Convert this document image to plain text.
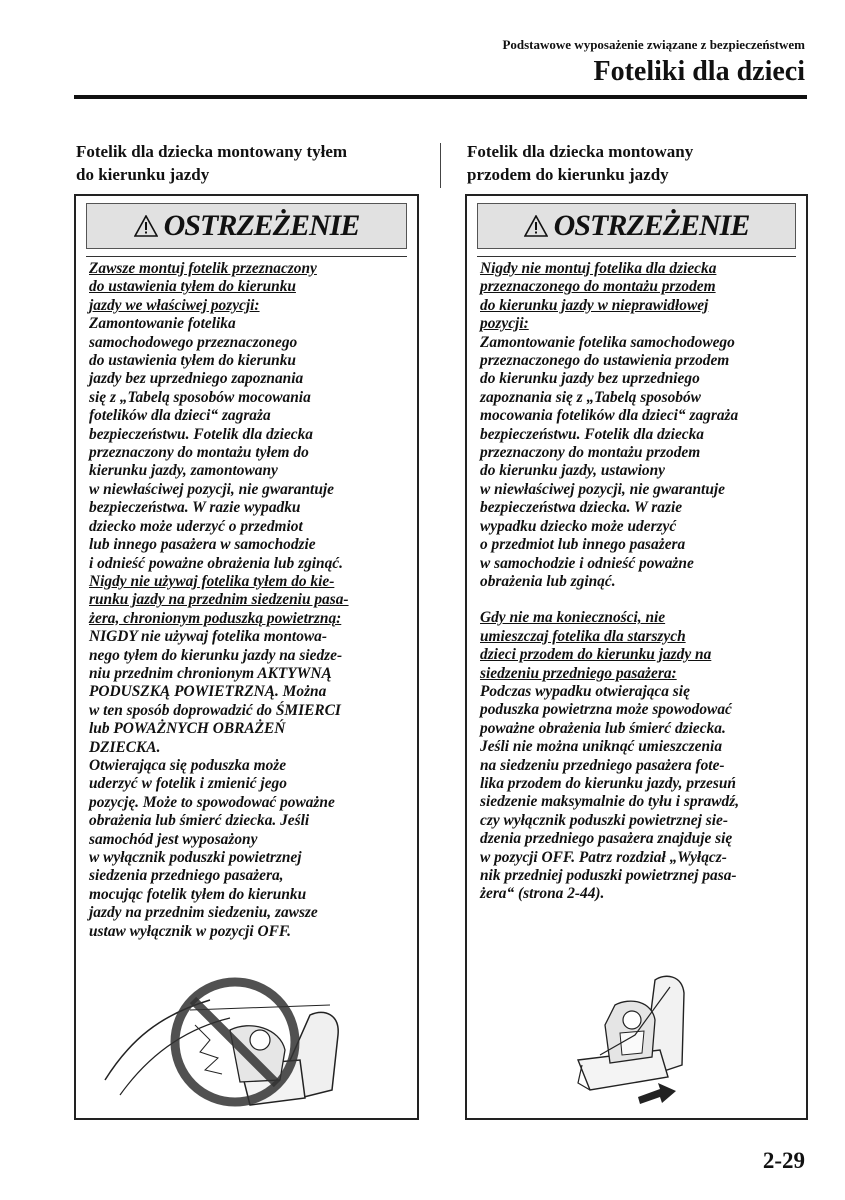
Podstawowe wyposażenie związane z bezpieczeństwem
Foteliki dla dzieci
Fotelik dla dziecka montowany tyłem
do kierunku jazdy
OSTRZEŻENIE

Zawsze montuj fotelik przeznaczony

do ustawienia tyłem do kierunku

jazdy we właściwej pozycji:

Zamontowanie fotelika

samochodowego przeznaczonego

do ustawienia tyłem do kierunku

jazdy bez uprzedniego zapoznania

się z „Tabelą sposobów mocowania

fotelików dla dzieci“ zagraża

bezpieczeństwu. Fotelik dla dziecka

przeznaczony do montażu tyłem do

kierunku jazdy, zamontowany

w niewłaściwej pozycji, nie gwarantuje

bezpieczeństwa. W razie wypadku

dziecko może uderzyć o przedmiot

lub innego pasażera w samochodzie

i odnieść poważne obrażenia lub zginąć.

Nigdy nie używaj fotelika tyłem do kie-

runku jazdy na przednim siedzeniu pasa-

żera, chronionym poduszką powietrzną:

NIGDY nie używaj fotelika montowa-

nego tyłem do kierunku jazdy na siedze-

niu przednim chronionym AKTYWNĄ

PODUSZKĄ POWIETRZNĄ. Można

w ten sposób doprowadzić do ŚMIERCI

lub POWAŻNYCH OBRAŻEŃ

DZIECKA.

Otwierająca się poduszka może

uderzyć w fotelik i zmienić jego

pozycję. Może to spowodować poważne

obrażenia lub śmierć dziecka. Jeśli

samochód jest wyposażony

w wyłącznik poduszki powietrznej

siedzenia przedniego pasażera,

mocując fotelik tyłem do kierunku

jazdy na przednim siedzeniu, zawsze

ustaw wyłącznik w pozycji OFF.

Fotelik dla dziecka montowany
przodem do kierunku jazdy
OSTRZEŻENIE

Nigdy nie montuj fotelika dla dziecka

przeznaczonego do montażu przodem

do kierunku jazdy w nieprawidłowej

pozycji:

Zamontowanie fotelika samochodowego

przeznaczonego do ustawienia przodem

do kierunku jazdy bez uprzedniego

zapoznania się z „Tabelą sposobów

mocowania fotelików dla dzieci“ zagraża

bezpieczeństwu. Fotelik dla dziecka

przeznaczony do montażu przodem

do kierunku jazdy, ustawiony

w niewłaściwej pozycji, nie gwarantuje

bezpieczeństwa dziecka. W razie

wypadku dziecko może uderzyć

o przedmiot lub innego pasażera

w samochodzie i odnieść poważne

obrażenia lub zginąć.

Gdy nie ma konieczności, nie

umieszczaj fotelika dla starszych

dzieci przodem do kierunku jazdy na

siedzeniu przedniego pasażera:

Podczas wypadku otwierająca się

poduszka powietrzna może spowodować

poważne obrażenia lub śmierć dziecka.

Jeśli nie można uniknąć umieszczenia

na siedzeniu przedniego pasażera fote-

lika przodem do kierunku jazdy, przesuń

siedzenie maksymalnie do tyłu i sprawdź,

czy wyłącznik poduszki powietrznej sie-

dzenia przedniego pasażera znajduje się

w pozycji OFF. Patrz rozdział „Wyłącz-

nik przedniej poduszki powietrznej pasa-

żera“ (strona 2-44).

2-29
